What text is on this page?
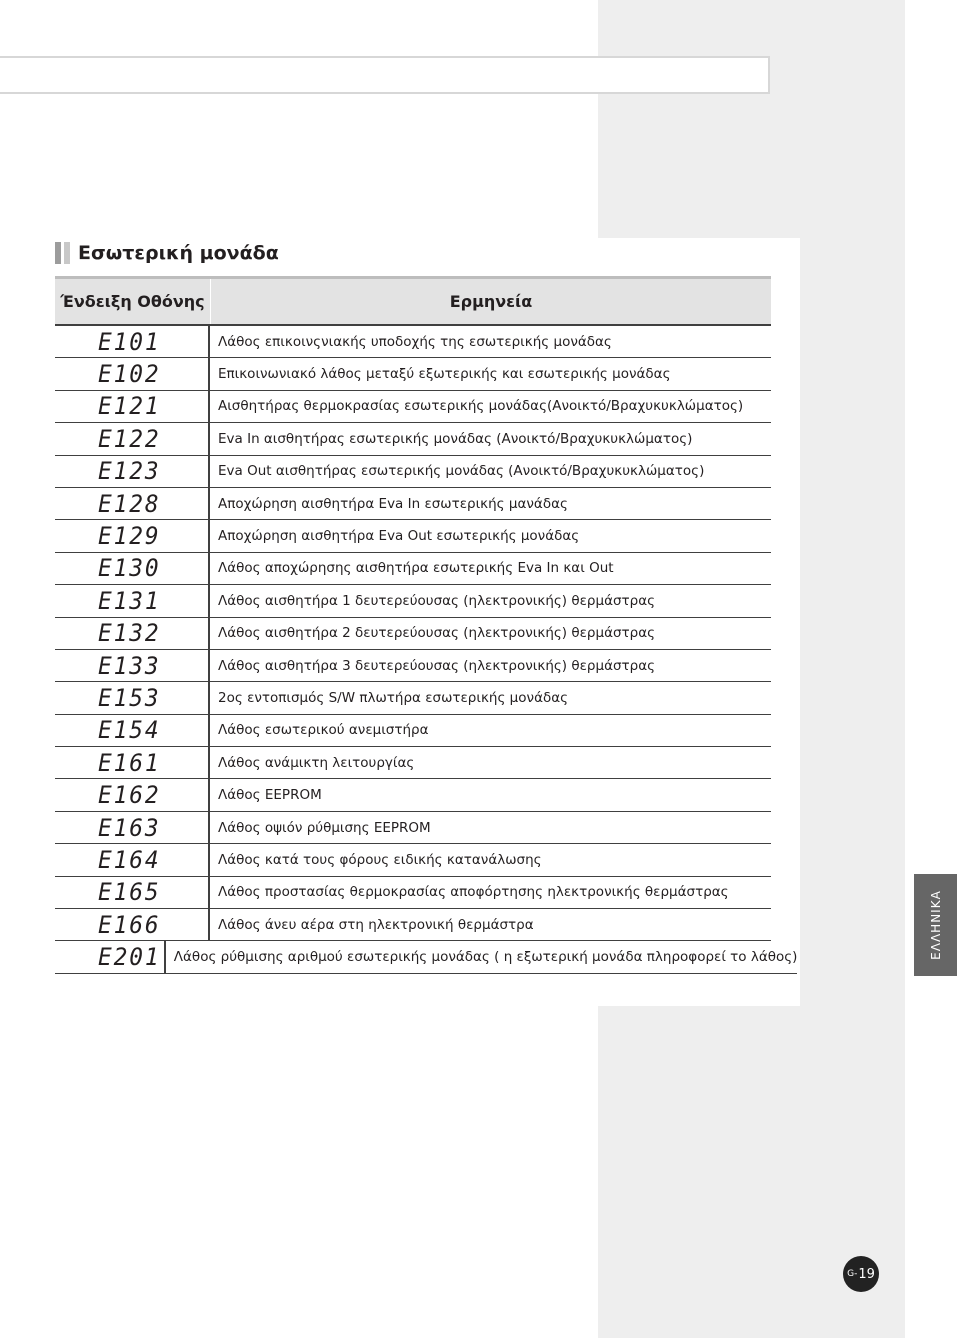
Εσωτερική μονάδα
Ένδειξη Οθόνης	Ερμηνεία
E101	Λάθος επικοινςνιακής υποδοχής της εσωτερικής μονάδας
E102	Επικοινωνιακό λάθος μεταξύ εξωτερικής και εσωτερικής μονάδας
E121	Αισθητήρας θερμοκρασίας εσωτερικής μονάδας(Ανοικτό/Βραχυκυκλώματος)
E122	Eva In αισθητήρας εσωτερικής μονάδας (Ανοικτό/Βραχυκυκλώματος)
E123	Eva Out αισθητήρας εσωτερικής μονάδας (Ανοικτό/Βραχυκυκλώματος)
E128	Αποχώρηση αισθητήρα Eva In εσωτερικής μανάδας
E129	Αποχώρηση αισθητήρα Eva Out εσωτερικής μονάδας
E130	Λάθος αποχώρησης αισθητήρα εσωτερικής Eva In και Out
E131	Λάθος αισθητήρα 1 δευτερεύουσας (ηλεκτρονικής) θερμάστρας
E132	Λάθος αισθητήρα 2 δευτερεύουσας (ηλεκτρονικής) θερμάστρας
E133	Λάθος αισθητήρα 3 δευτερεύουσας (ηλεκτρονικής) θερμάστρας
E153	2ος εντοπισμός S/W πλωτήρα εσωτερικής μονάδας
E154	Λάθος εσωτερικού ανεμιστήρα
E161	Λάθος ανάμικτη λειτουργίας
E162	Λάθος EEPROM
E163	Λάθος οψιόν ρύθμισης EEPROM
E164	Λάθος κατά τους φόρους ειδικής κατανάλωσης
E165	Λάθος προστασίας θερμοκρασίας αποφόρτησης ηλεκτρονικής θερμάστρας
E166	Λάθος άνευ αέρα στη ηλεκτρονική θερμάστρα
E201 Λάθος ρύθμισης αριθμού εσωτερικής μονάδας ( η εξωτερική μονάδα πληροφορεί το λάθος)	ΕΛΛΗΝΙΚΑ
G- 19
